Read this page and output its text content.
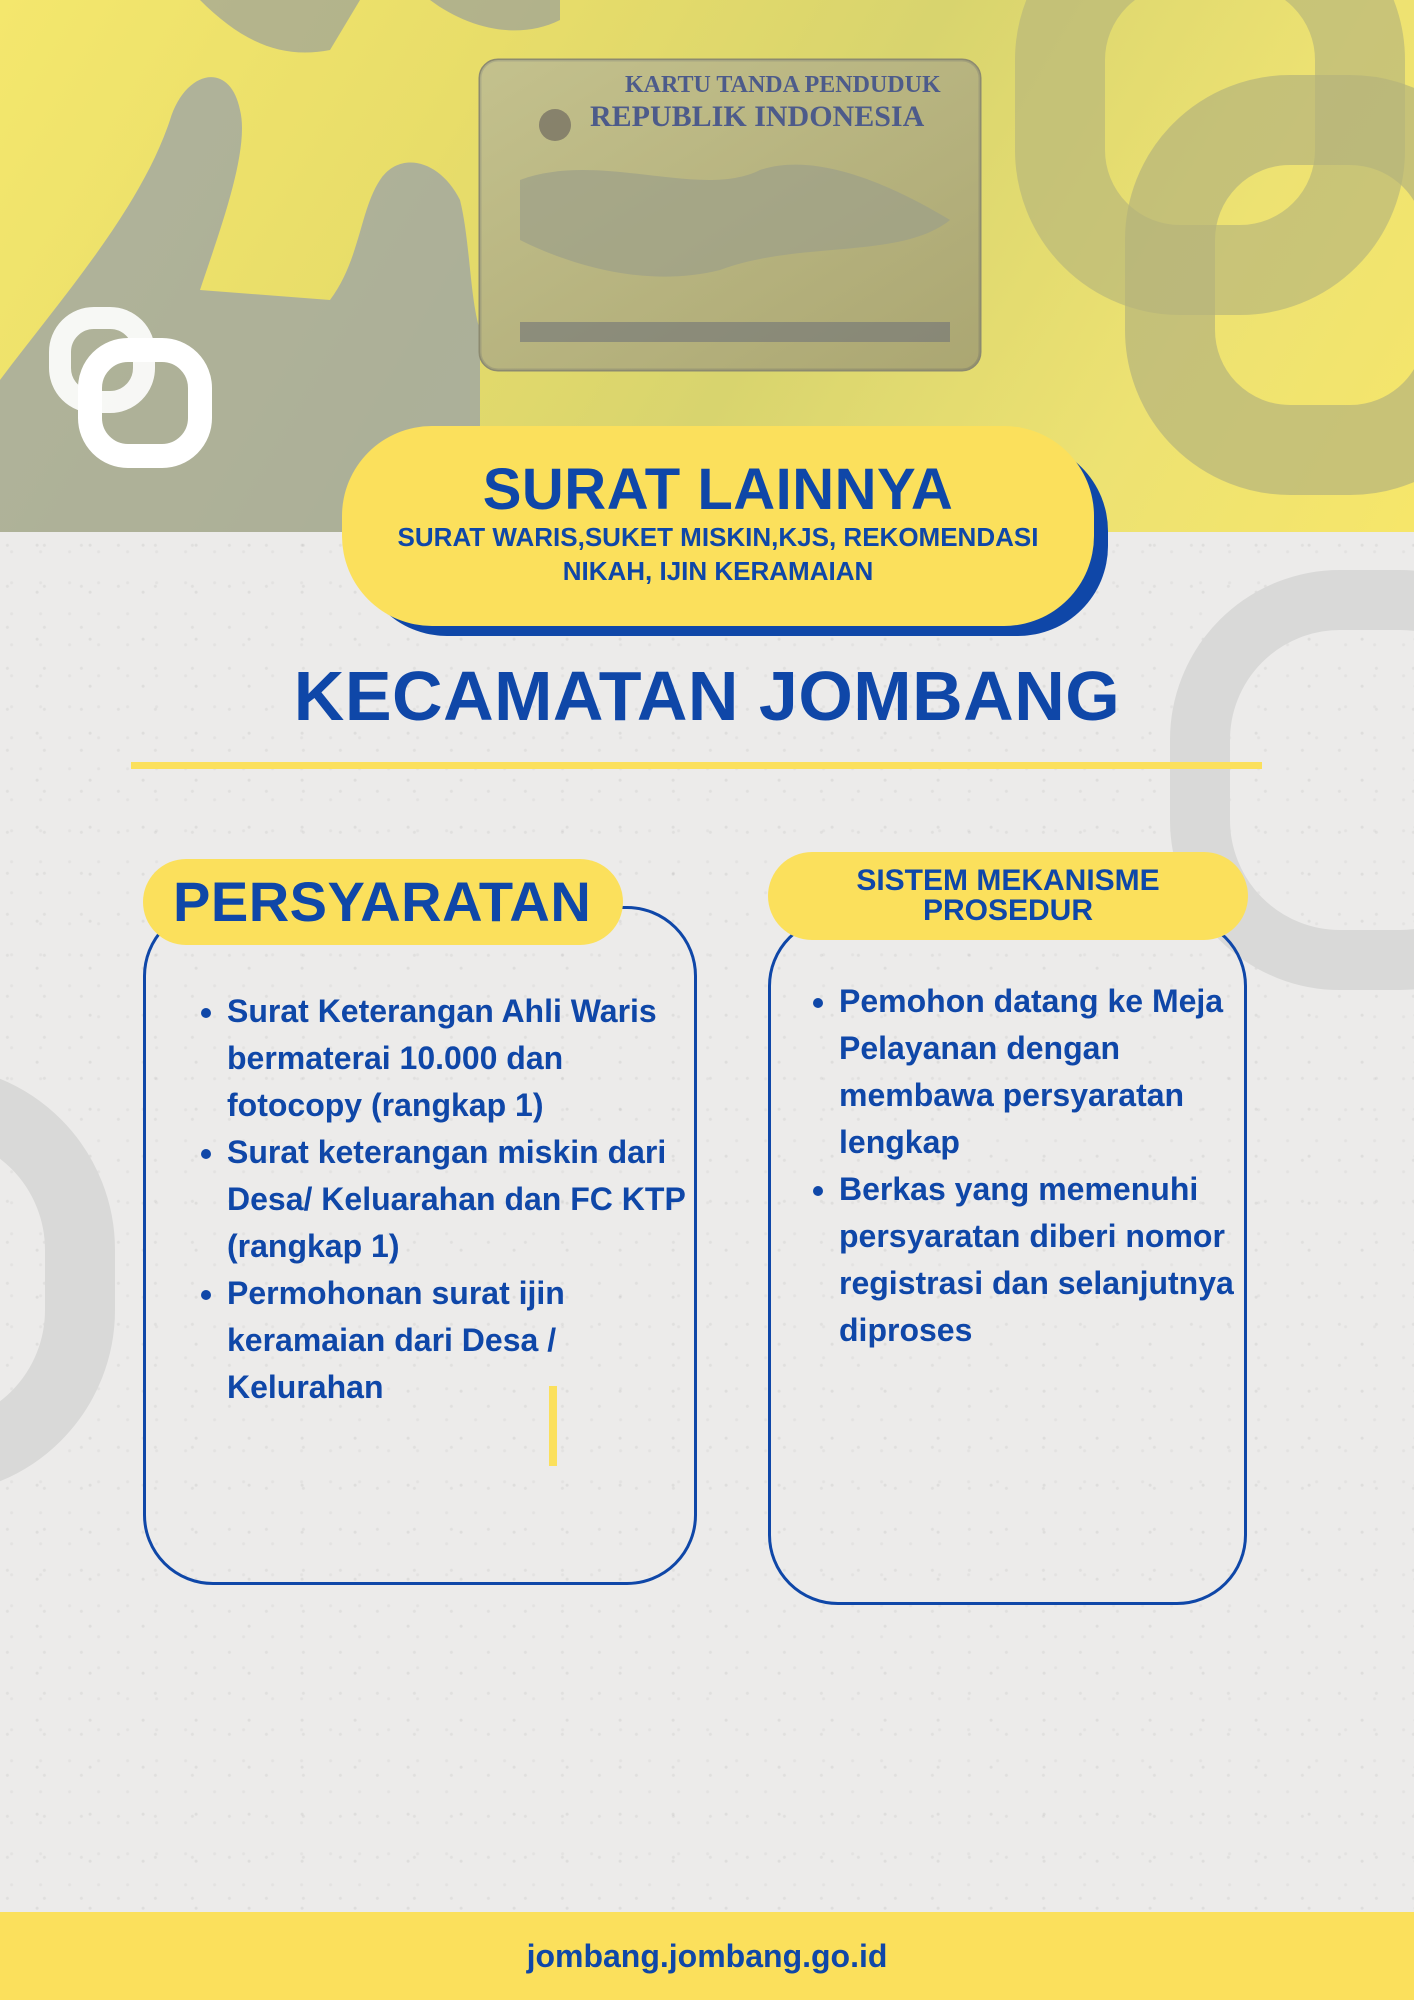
KARTU TANDA PENDUDUK
REPUBLIK INDONESIA
SURAT LAINNYA
SURAT WARIS,SUKET MISKIN,KJS, REKOMENDASI NIKAH, IJIN KERAMAIAN
KECAMATAN JOMBANG
PERSYARATAN
• Surat Keterangan Ahli Waris bermaterai 10.000 dan fotocopy (rangkap 1)
• Surat keterangan miskin dari Desa/ Keluarahan dan FC KTP (rangkap 1)
• Permohonan surat ijin keramaian dari Desa / Kelurahan
SISTEM MEKANISME
PROSEDUR
• Pemohon datang ke Meja Pelayanan dengan membawa persyaratan lengkap
• Berkas yang memenuhi persyaratan diberi nomor registrasi dan selanjutnya diproses
jombang.jombang.go.id
